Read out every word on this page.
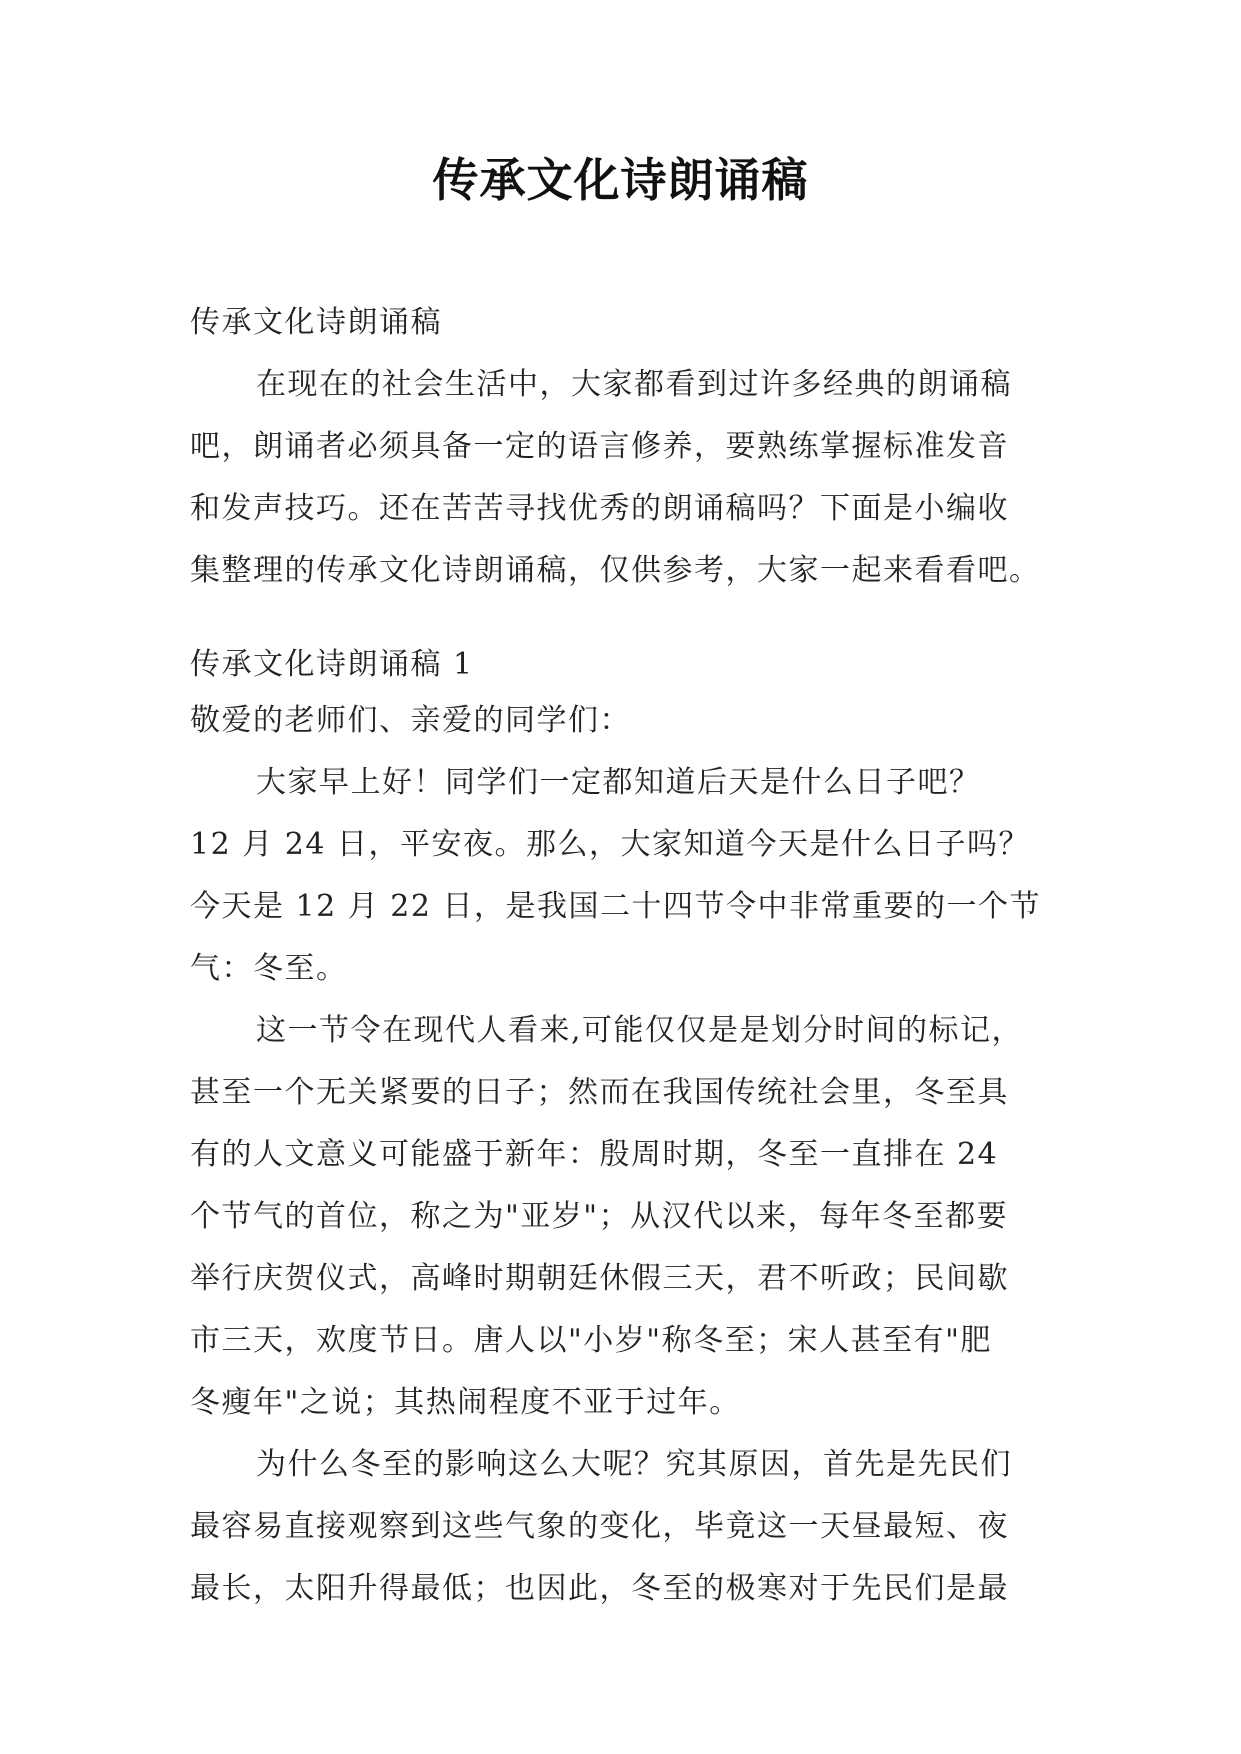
传承文化诗朗诵稿

传承文化诗朗诵稿

在现在的社会生活中，大家都看到过许多经典的朗诵稿

吧，朗诵者必须具备一定的语言修养，要熟练掌握标准发音

和发声技巧。还在苦苦寻找优秀的朗诵稿吗？下面是小编收

集整理的传承文化诗朗诵稿，仅供参考，大家一起来看看吧。

传承文化诗朗诵稿 1

敬爱的老师们、亲爱的同学们：

大家早上好！同学们一定都知道后天是什么日子吧？

12 月 24 日，平安夜。那么，大家知道今天是什么日子吗？

今天是 12 月 22 日，是我国二十四节令中非常重要的一个节

气：冬至。

这一节令在现代人看来,可能仅仅是是划分时间的标记，

甚至一个无关紧要的日子；然而在我国传统社会里，冬至具

有的人文意义可能盛于新年：殷周时期，冬至一直排在 24

个节气的首位，称之为"亚岁"；从汉代以来，每年冬至都要

举行庆贺仪式，高峰时期朝廷休假三天，君不听政；民间歇

市三天，欢度节日。唐人以"小岁"称冬至；宋人甚至有"肥

冬瘦年"之说；其热闹程度不亚于过年。

为什么冬至的影响这么大呢？究其原因，首先是先民们

最容易直接观察到这些气象的变化，毕竟这一天昼最短、夜

最长，太阳升得最低；也因此，冬至的极寒对于先民们是最
